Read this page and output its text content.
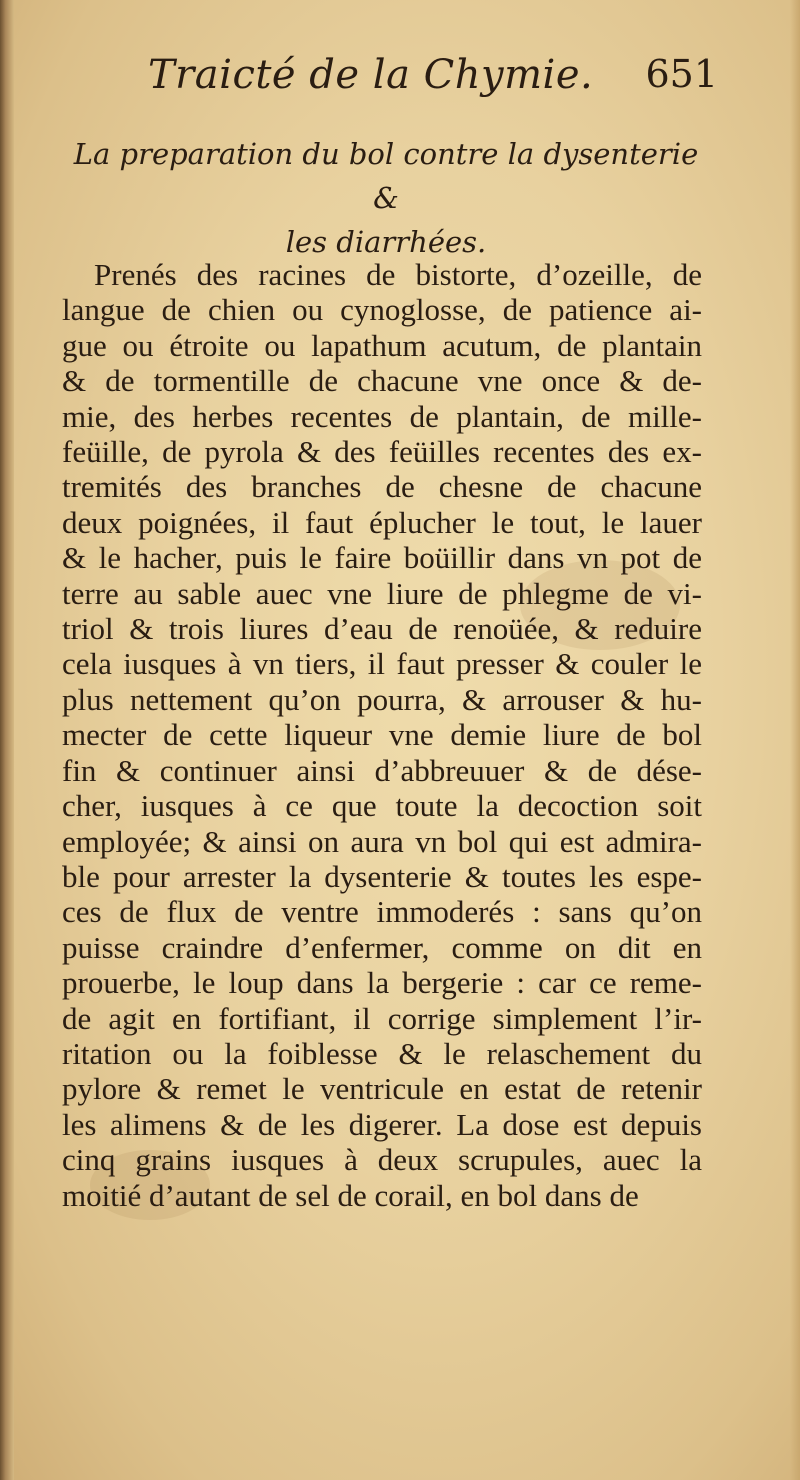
Traicté de la Chymie. 651
La preparation du bol contre la dysenterie &
les diarrhées.
Prenés des racines de bistorte, d’ozeille, de
langue de chien ou cynoglosse, de patience ai-
gue ou étroite ou lapathum acutum, de plantain
& de tormentille de chacune vne once & de-
mie, des herbes recentes de plantain, de mille-
feüille, de pyrola & des feüilles recentes des ex-
tremités des branches de chesne de chacune
deux poignées, il faut éplucher le tout, le lauer
& le hacher, puis le faire boüillir dans vn pot de
terre au sable auec vne liure de phlegme de vi-
triol & trois liures d’eau de renoüée, & reduire
cela iusques à vn tiers, il faut presser & couler le
plus nettement qu’on pourra, & arrouser & hu-
mecter de cette liqueur vne demie liure de bol
fin & continuer ainsi d’abbreuuer & de dése-
cher, iusques à ce que toute la decoction soit
employée; & ainsi on aura vn bol qui est admira-
ble pour arrester la dysenterie & toutes les espe-
ces de flux de ventre immoderés : sans qu’on
puisse craindre d’enfermer, comme on dit en
prouerbe, le loup dans la bergerie : car ce reme-
de agit en fortifiant, il corrige simplement l’ir-
ritation ou la foiblesse & le relaschement du
pylore & remet le ventricule en estat de retenir
les alimens & de les digerer. La dose est depuis
cinq grains iusques à deux scrupules, auec la
moitié d’autant de sel de corail, en bol dans de
